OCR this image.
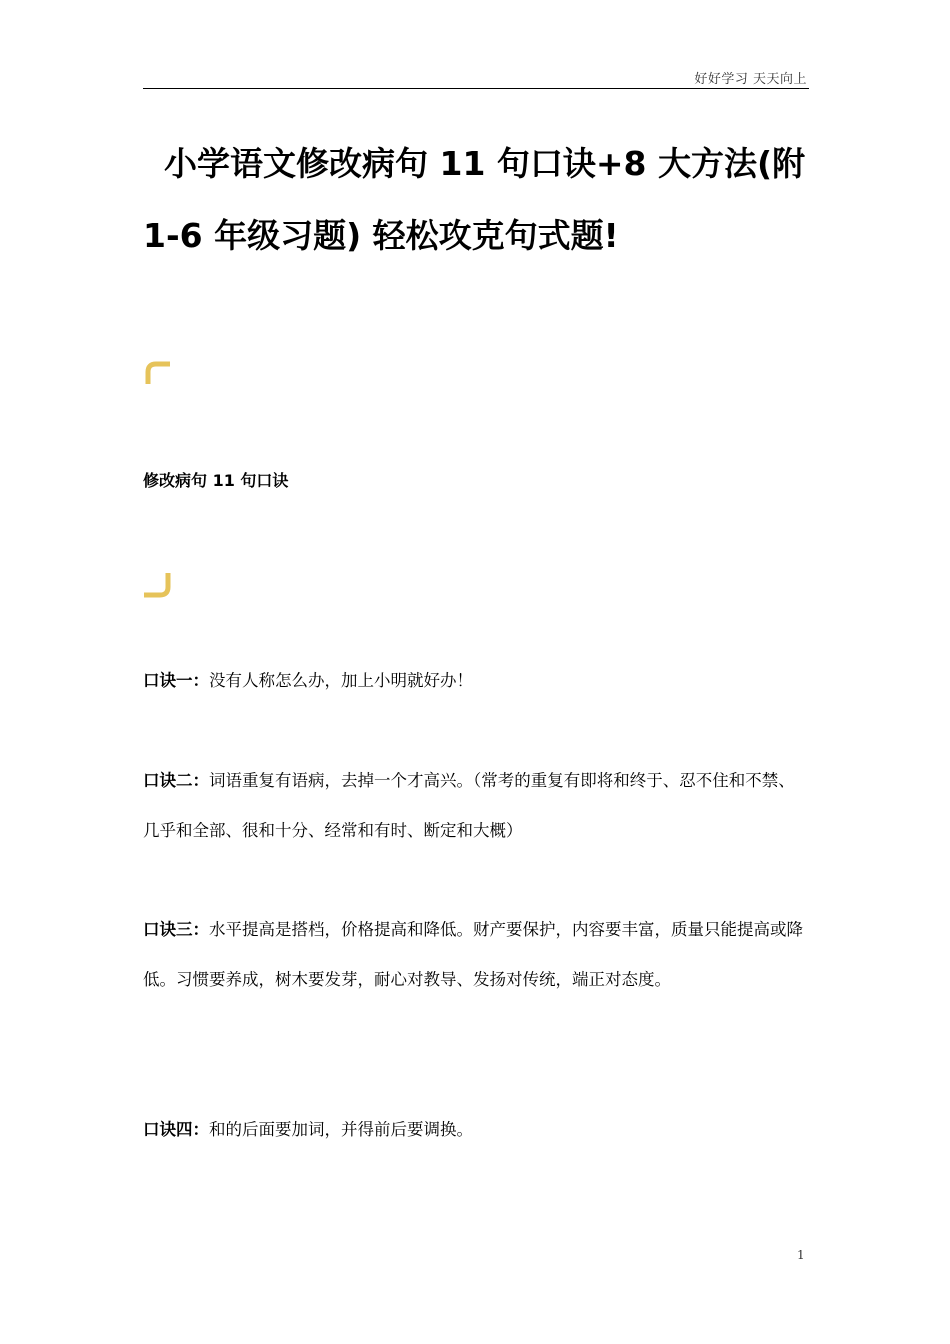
好好学习 天天向上
小学语文修改病句 11 句口诀+8 大方法(附 1-6 年级习题) 轻松攻克句式题!
修改病句 11 句口诀

口诀一：没有人称怎么办，加上小明就好办！

口诀二：词语重复有语病，去掉一个才高兴。（常考的重复有即将和终于、忍不住和不禁、几乎和全部、很和十分、经常和有时、断定和大概）

口诀三：水平提高是搭档，价格提高和降低。财产要保护，内容要丰富，质量只能提高或降低。习惯要养成，树木要发芽，耐心对教导、发扬对传统，端正对态度。

口诀四：和的后面要加词，并得前后要调换。

1
